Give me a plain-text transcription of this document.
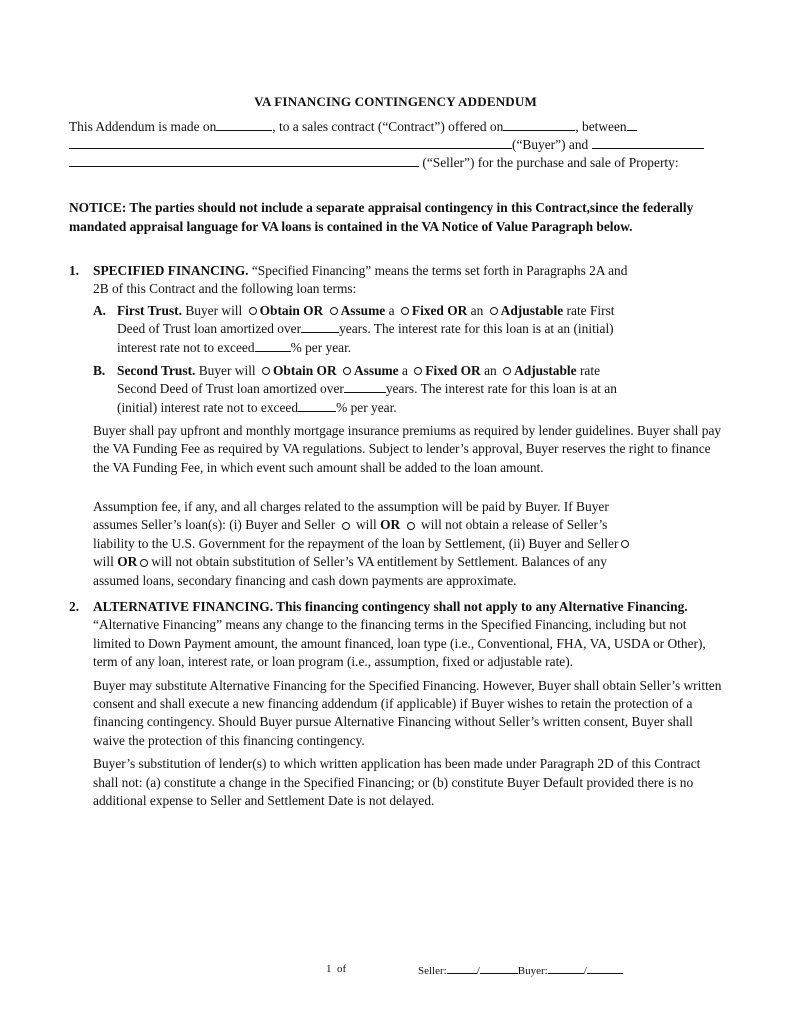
VA FINANCING CONTINGENCY ADDENDUM
This Addendum is made on	, to a sales contract (“Contract”) offered on	, between
(“Buyer”) and
(“Seller”) for the purchase and sale of Property:
NOTICE: The parties should not include a separate appraisal contingency in this Contract,since the federally mandated appraisal language for VA loans is contained in the VA Notice of Value Paragraph below.
1. SPECIFIED FINANCING. “Specified Financing” means the terms set forth in Paragraphs 2A and
2B of this Contract and the following loan terms:
A. First Trust. Buyer will Obtain OR Assume a Fixed OR an Adjustable rate First
Deed of Trust loan amortized over	years. The interest rate for this loan is at an (initial)
interest rate not to exceed	% per year.
B. Second Trust. Buyer will Obtain OR Assume a Fixed OR an Adjustable rate
Second Deed of Trust loan amortized over	years. The interest rate for this loan is at an
(initial) interest rate not to exceed	% per year.
Buyer shall pay upfront and monthly mortgage insurance premiums as required by lender guidelines. Buyer shall pay the VA Funding Fee as required by VA regulations. Subject to lender’s approval, Buyer reserves the right to finance the VA Funding Fee, in which event such amount shall be added to the loan amount.
Assumption fee, if any, and all charges related to the assumption will be paid by Buyer. If Buyer
assumes Seller’s loan(s): (i) Buyer and Seller will OR will not obtain a release of Seller’s
liability to the U.S. Government for the repayment of the loan by Settlement, (ii) Buyer and Seller
will OR will not obtain substitution of Seller’s VA entitlement by Settlement. Balances of any
assumed loans, secondary financing and cash down payments are approximate.
2. ALTERNATIVE FINANCING. This financing contingency shall not apply to any Alternative Financing. “Alternative Financing” means any change to the financing terms in the Specified Financing, including but not limited to Down Payment amount, the amount financed, loan type (i.e., Conventional, FHA, VA, USDA or Other), term of any loan, interest rate, or loan program (i.e., assumption, fixed or adjustable rate).

Buyer may substitute Alternative Financing for the Specified Financing. However, Buyer shall obtain Seller’s written consent and shall execute a new financing addendum (if applicable) if Buyer wishes to retain the protection of a financing contingency. Should Buyer pursue Alternative Financing without Seller’s written consent, Buyer shall waive the protection of this financing contingency.

Buyer’s substitution of lender(s) to which written application has been made under Paragraph 2D of this Contract shall not: (a) constitute a change in the Specified Financing; or (b) constitute Buyer Default provided there is no additional expense to Seller and Settlement Date is not delayed.

1 of	Seller:	/	Buyer:	/
